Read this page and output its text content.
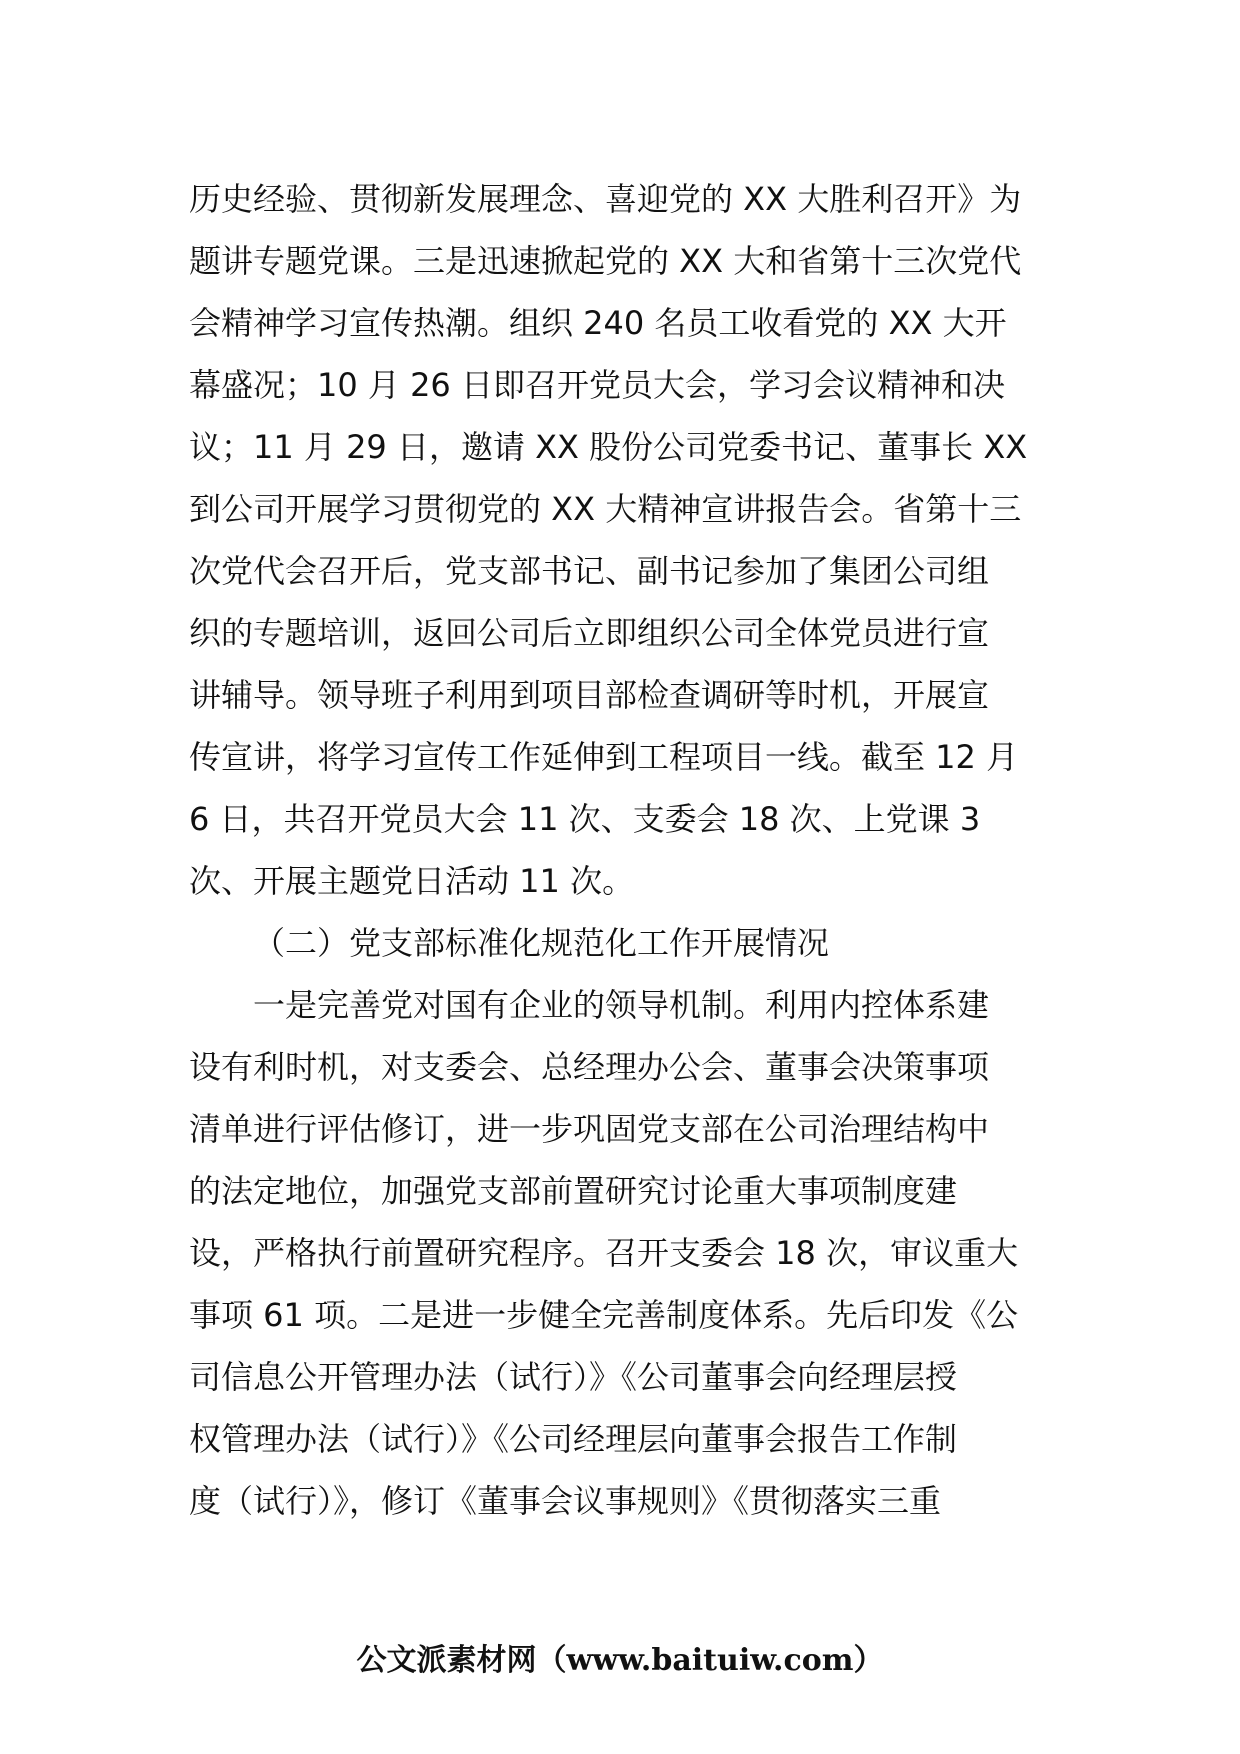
历史经验、贯彻新发展理念、喜迎党的 XX 大胜利召开》为
题讲专题党课。三是迅速掀起党的 XX 大和省第十三次党代
会精神学习宣传热潮。组织 240 名员工收看党的 XX 大开
幕盛况；10 月 26 日即召开党员大会，学习会议精神和决
议；11 月 29 日，邀请 XX 股份公司党委书记、董事长 XX
到公司开展学习贯彻党的 XX 大精神宣讲报告会。省第十三
次党代会召开后，党支部书记、副书记参加了集团公司组
织的专题培训，返回公司后立即组织公司全体党员进行宣
讲辅导。领导班子利用到项目部检查调研等时机，开展宣
传宣讲，将学习宣传工作延伸到工程项目一线。截至 12 月
6 日，共召开党员大会 11 次、支委会 18 次、上党课 3
次、开展主题党日活动 11 次。
（二）党支部标准化规范化工作开展情况
一是完善党对国有企业的领导机制。利用内控体系建
设有利时机，对支委会、总经理办公会、董事会决策事项
清单进行评估修订，进一步巩固党支部在公司治理结构中
的法定地位，加强党支部前置研究讨论重大事项制度建
设，严格执行前置研究程序。召开支委会 18 次，审议重大
事项 61 项。二是进一步健全完善制度体系。先后印发《公
司信息公开管理办法（试行）》《公司董事会向经理层授
权管理办法（试行）》《公司经理层向董事会报告工作制
度（试行）》，修订《董事会议事规则》《贯彻落实三重
公文派素材网（www.baituiw.com）
